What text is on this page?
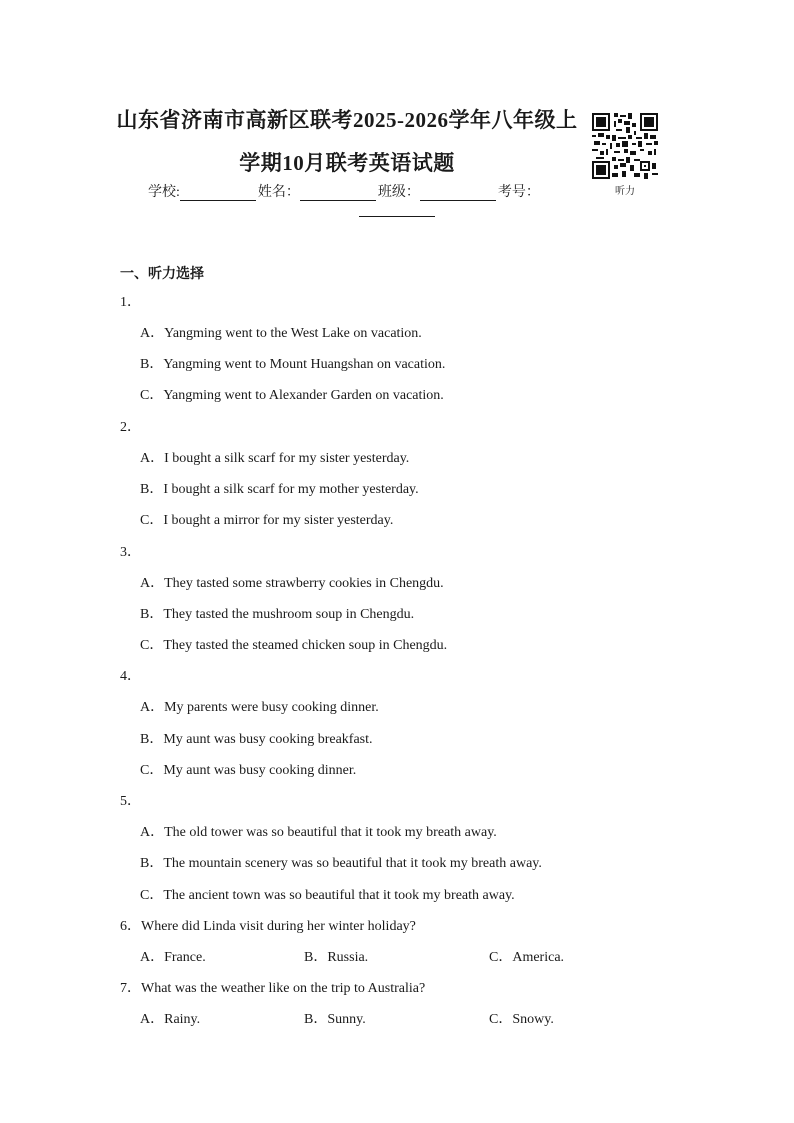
山东省济南市高新区联考2025-2026学年八年级上
学期10月联考英语试题
听力
学校:	姓名：	班级：	考号：
一、听力选择
1．
A．Yangming went to the West Lake on vacation.
B．Yangming went to Mount Huangshan on vacation.
C．Yangming went to Alexander Garden on vacation.
2．
A．I bought a silk scarf for my sister yesterday.
B．I bought a silk scarf for my mother yesterday.
C．I bought a mirror for my sister yesterday.
3．
A．They tasted some strawberry cookies in Chengdu.
B．They tasted the mushroom soup in Chengdu.
C．They tasted the steamed chicken soup in Chengdu.
4．
A．My parents were busy cooking dinner.
B．My aunt was busy cooking breakfast.
C．My aunt was busy cooking dinner.
5．
A．The old tower was so beautiful that it took my breath away.
B．The mountain scenery was so beautiful that it took my breath away.
C．The ancient town was so beautiful that it took my breath away.
6．Where did Linda visit during her winter holiday?
A．France.	B．Russia.	C．America.
7．What was the weather like on the trip to Australia?
A．Rainy.	B．Sunny.	C．Snowy.
